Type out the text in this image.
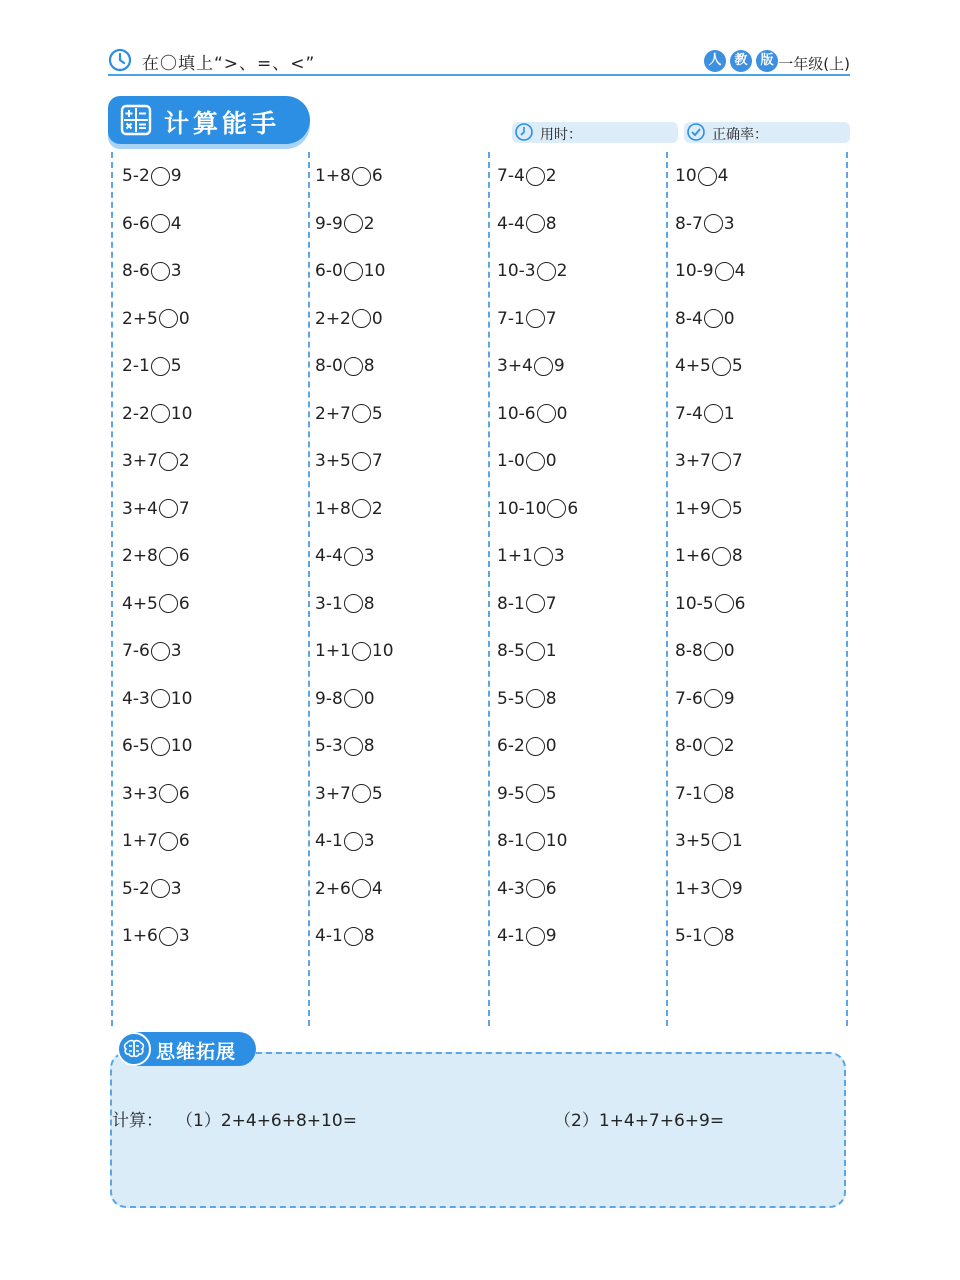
在〇填上“>、=、<”	人 教 版 一年级(上)
计算能手	用时：	正确率：
5-2 9
6-6 4
8-6 3
2+5 0
2-1 5
2-2 10
3+7 2
3+4 7
2+8 6
4+5 6
7-6 3
4-3 10
6-5 10
3+3 6
1+7 6
5-2 3
1+6 3
1+8 6
9-9 2
6-0 10
2+2 0
8-0 8
2+7 5
3+5 7
1+8 2
4-4 3
3-1 8
1+1 10
9-8 0
5-3 8
3+7 5
4-1 3
2+6 4
4-1 8
7-4 2
4-4 8
10-3 2
7-1 7
3+4 9
10-6 0
1-0 0
10-10 6
1+1 3
8-1 7
8-5 1
5-5 8
6-2 0
9-5 5
8-1 10
4-3 6
4-1 9
10 4
8-7 3
10-9 4
8-4 0
4+5 5
7-4 1
3+7 7
1+9 5
1+6 8
10-5 6
8-8 0
7-6 9
8-0 2
7-1 8
3+5 1
1+3 9
5-1 8
思维拓展
计算： （1）2+4+6+8+10=	（2）1+4+7+6+9=
